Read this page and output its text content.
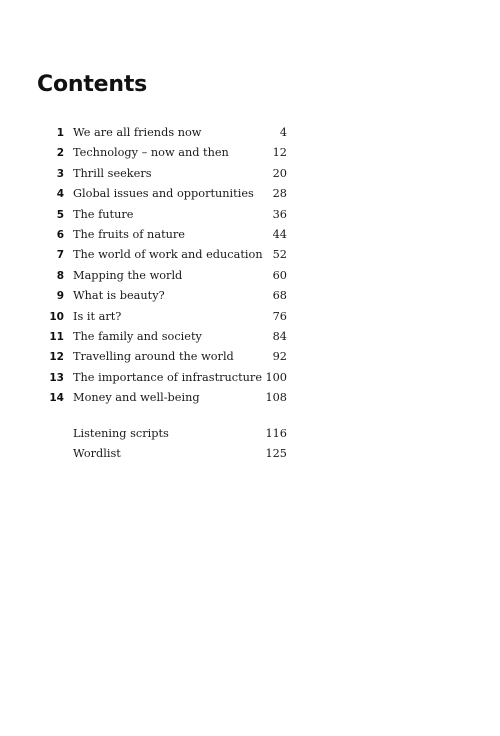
Contents
1 We are all friends now	4
2 Technology – now and then	12
3 Thrill seekers	20
4 Global issues and opportunities 28
5 The future	36
6 The fruits of nature	44
7 The world of work and education 52
8 Mapping the world	60
9 What is beauty?	68
10 Is it art?	76
11 The family and society	84
12 Travelling around the world	92
13 The importance of infrastructure 100
14 Money and well-being	108
Listening scripts	116
Wordlist	125
